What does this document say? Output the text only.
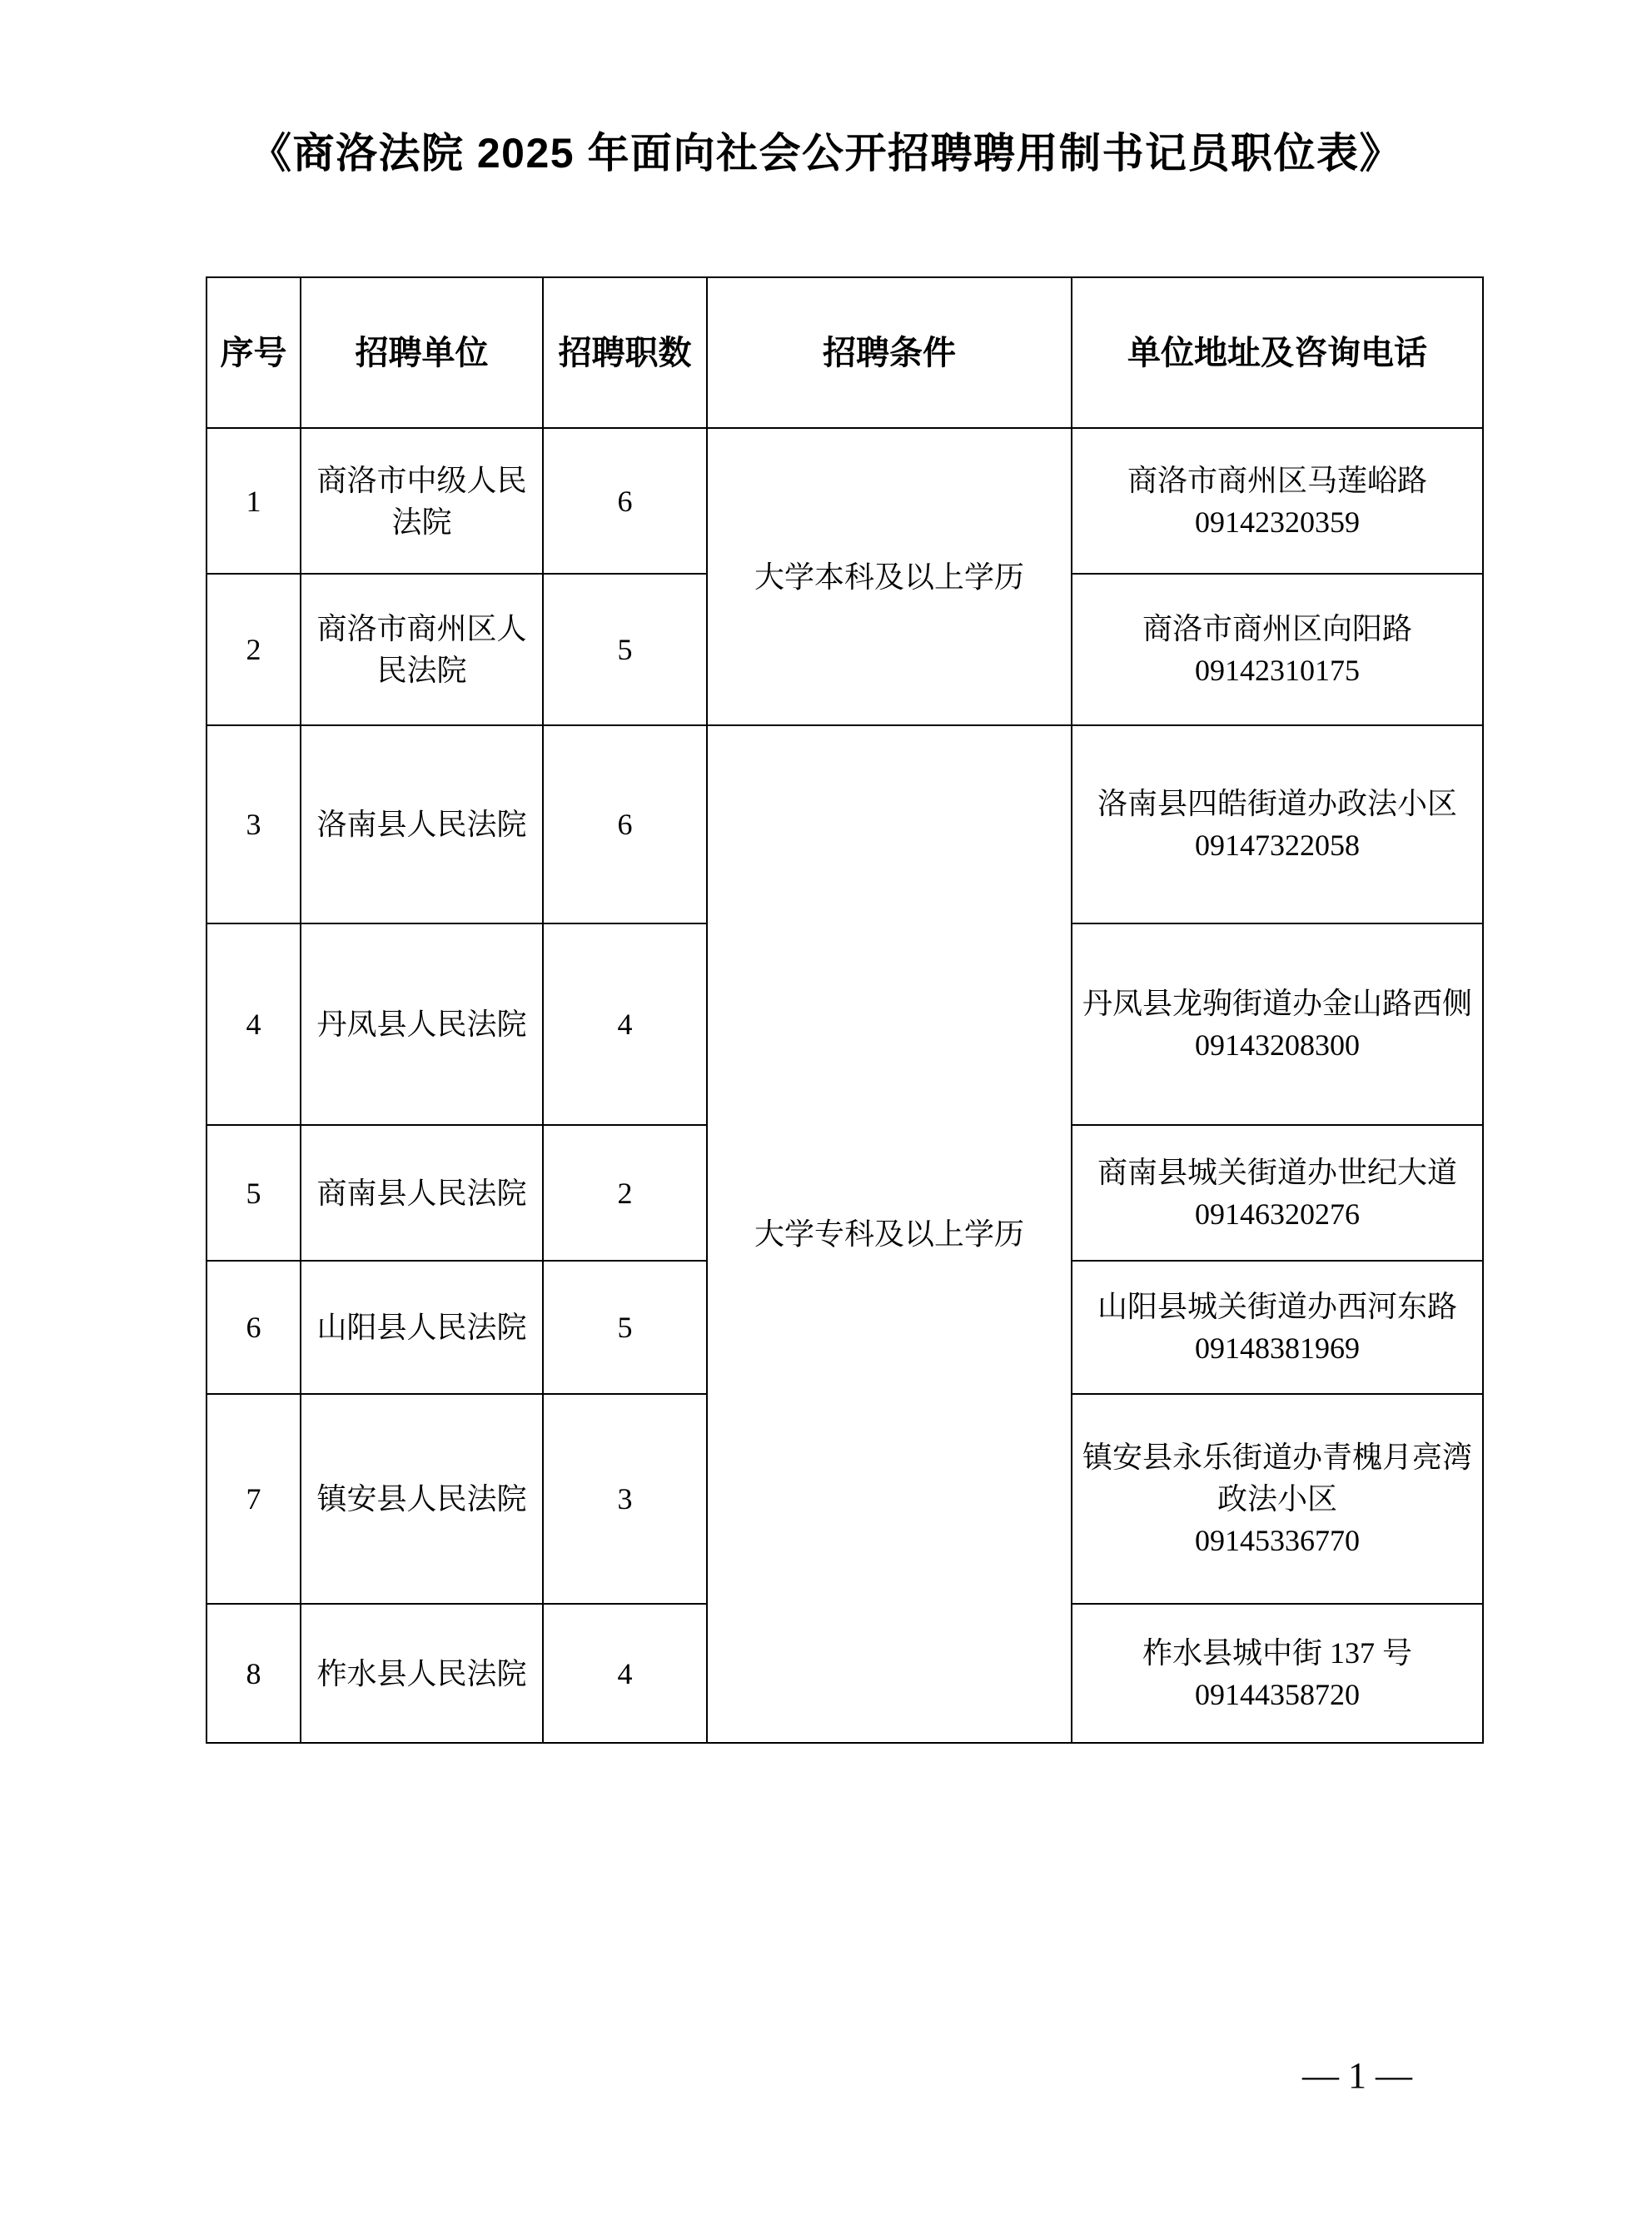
《商洛法院 2025 年面向社会公开招聘聘用制书记员职位表》
序号	招聘单位	招聘职数	招聘条件	单位地址及咨询电话
1	商洛市中级人民法院	6	大学本科及以上学历	商洛市商州区马莲峪路
09142320359

2	商洛市商州区人民法院	5		商洛市商州区向阳路
09142310175

3	洛南县人民法院	6	大学专科及以上学历	洛南县四皓街道办政法小区
09147322058

4	丹凤县人民法院	4		丹凤县龙驹街道办金山路西侧
09143208300

5	商南县人民法院	2		商南县城关街道办世纪大道
09146320276

6	山阳县人民法院	5		山阳县城关街道办西河东路
09148381969

7	镇安县人民法院	3		镇安县永乐街道办青槐月亮湾政法小区
09145336770

8	柞水县人民法院	4		柞水县城中街 137 号
09144358720
— 1 —
